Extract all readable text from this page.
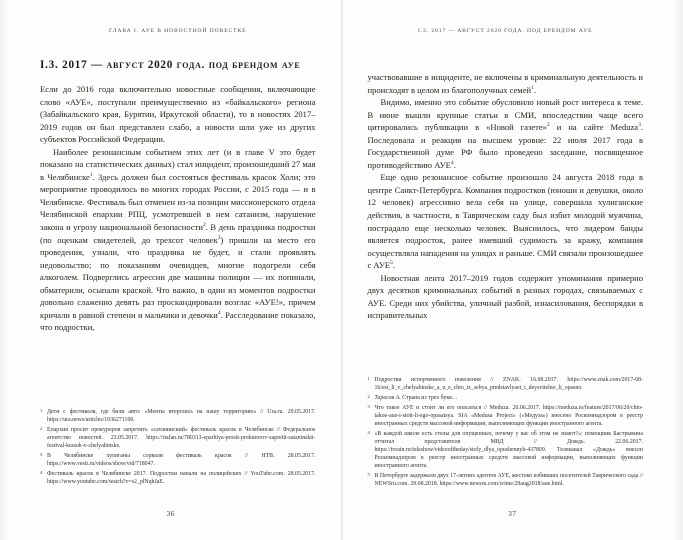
ГЛАВА I. АУЕ В НОВОСТНОЙ ПОВЕСТКЕ
I.3. 2017 — август 2020 года. под брендом ауе

Если до 2016 года включительно новостные сообщения, включающие слово «АУЕ», поступали преимущественно из «байкальского» региона (Забайкальского края, Бурятии, Иркутской области), то в новостях 2017–2019 годов он был представлен слабо, а новости шли уже из других субъектов Российской Федерации.

Наиболее резонансным событием этих лет (и в главе V это будет показано на статистических данных) стал инцидент, произошедший 27 мая в Челябинске$^1$. Здесь должен был состояться фестиваль красок Холи; это мероприятие проводилось во многих городах России, с 2015 года — и в Челябинске. Фестиваль был отменен из-за позиции миссионерского отдела Челябинской епархии РПЦ, усмотревшей в нем сатанизм, нарушение закона и угрозу национальной безопасности$^2$. В день праздника подростки (по оценкам свидетелей, до трехсот человек$^3$) пришли на место его проведения, узнали, что праздника не будет, и стали проявлять недовольство; по показаниям очевидцев, многие подогрели себя алкоголем. Подверглись агрессии две машины полиции — их попинали, обматерили, осыпали краской. Что важно, в один из моментов подростки довольно слаженно девять раз проскандировали возглас «АУЕ!», причем кричали в равной степени и мальчики и девочки$^4$. Расследование показало, что подростки,

1 Дети с фестиваля, где били авто: «Менты вторглись на нашу территорию» // Ura.ru. 29.05.2017. https://ura.news/articles/1036271100.

2 Епархия просит прокуроров запретить «сатанинский» фестиваль красок в Челябинске // Федеральное агентство новостей. 23.05.2017. https://riafan.ru/780313-eparhiya-prosit-prokurorov-zapretit-sataninskii-festival-krasok-v-chelyabinske.

3 В Челябинске хулиганы сорвали фестиваль красок // НТВ. 28.05.2017. https://www.vesti.ru/videos/show/vid/718047.

4 Фестиваль красок в Челябинске 2017. Подростки напали на полицейских // YouTube.com. 28.05.2017. https://www.youtube.com/watch?v=s2_plNqhJaE.

36
I.3. 2017 — АВГУСТ 2020 ГОДА. ПОД БРЕНДОМ АУЕ

участвовавшие в инциденте, не включены в криминальную деятельность и происходят в целом из благополучных семей$^1$.

Видимо, именно это событие обусловило новый рост интереса к теме. В июне вышли крупные статьи в СМИ, впоследствии чаще всего цитировались публикации в «Новой газете»$^2$ и на сайте Meduza$^3$. Последовала и реакция на высшем уровне: 22 июля 2017 года в Государственной думе РФ было проведено заседание, посвященное противодействию АУЕ$^4$.

Еще одно резонансное событие произошло 24 августа 2018 года в центре Санкт-Петербурга. Компания подростков (юноши и девушки, около 12 человек) агрессивно вела себя на улице, совершала хулиганские действия, в частности, в Таврическом саду был избит молодой мужчина, пострадало еще несколько человек. Выяснилось, что лидером банды является подросток, ранее имевший судимость за кражу, компания осуществляла нападения на улицах и раньше. СМИ связали произошедшее с АУЕ$^5$.

Новостная лента 2017–2019 годов содержит упоминания примерно двух десятков криминальных событий в разных городах, связываемых с АУЕ. Среди них убийства, уличный разбой, изнасилования, беспорядки в исправительных

1 Подростки испорченного поколения // ZNAK. 16.08.2017. https://www.znak.com/2017-08-16/est_li_v_chelyabinske_a_u_e_chto_iz_sebya_predstavlyaet_i_deysvitelno_li_opasno.

2 Тарасов А. Страна из трех букв…

3 Что такое АУЕ и стоит ли его опасаться // Meduza. 20.06.2017. https://meduza.io/feature/2017/06/20/chto-takoe-aue-i-stoit-li-ego-opasatsya. SIA «Medusa Project» («Медуза») внесено Роскомнадзором в реестр иностранных средств массовой информации, выполняющих функции иностранного агента.

4 «В каждой школе есть столы для опущенных, почему у вас об этом не знают?»: помощник Бастрыкина отчитал представителя МВД // Дождь. 22.06.2017. https://tvrain.ru/teleshow/videooftheday/stoly_dlya_opushennyh-437809. Телеканал «Дождь» внесен Роскомнадзором в реестр иностранных средств массовой информации, выполняющих функции иностранного агента.

5 В Петербурге задержали двух 17-летних адептов АУЕ, жестоко избивших посетителей Таврического сада // NEWSru.com. 29.08.2018. https://www.newsru.com/crime/29aug2018/aue.html.

37
